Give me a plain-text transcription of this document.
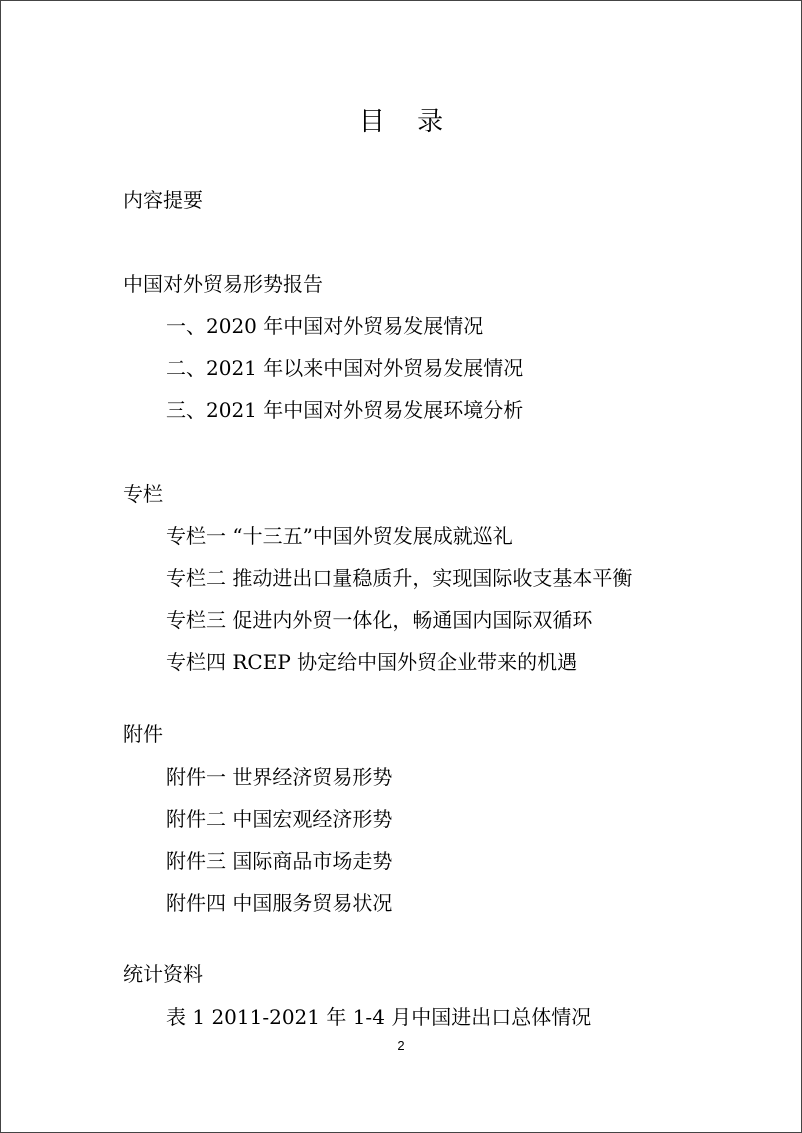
目 录
内容提要
中国对外贸易形势报告
一、2020 年中国对外贸易发展情况
二、2021 年以来中国对外贸易发展情况
三、2021 年中国对外贸易发展环境分析
专栏
专栏一 “十三五”中国外贸发展成就巡礼
专栏二 推动进出口量稳质升，实现国际收支基本平衡
专栏三 促进内外贸一体化，畅通国内国际双循环
专栏四 RCEP 协定给中国外贸企业带来的机遇
附件
附件一 世界经济贸易形势
附件二 中国宏观经济形势
附件三 国际商品市场走势
附件四 中国服务贸易状况
统计资料
表 1 2011-2021 年 1-4 月中国进出口总体情况
2
